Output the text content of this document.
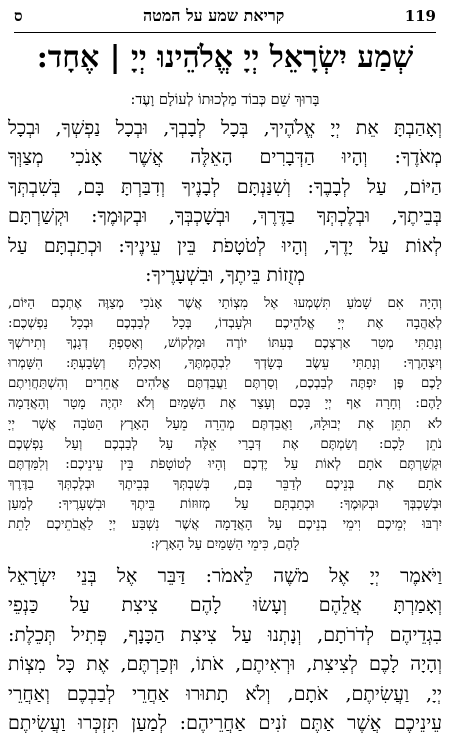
119
קריאת שמע על המטה
ס
שְׁמַע יִשְׂרָאֵל יְיָ אֱלֹהֵינוּ יְיָ | אֶחָד:
בָּרוּךְ שֵׁם כְּבוֹד מַלְכוּתוֹ לְעוֹלָם וָעֶד:
וְאָהַבְתָּ אֵת יְיָ אֱלֹהֶיךָ, בְּכָל לְבָבְךָ, וּבְכָל נַפְשְׁךָ, וּבְכָל
מְאֹדֶךָ: וְהָיוּ הַדְּבָרִים הָאֵלֶּה אֲשֶׁר אָנֹכִי מְצַוְּךָ
הַיּוֹם, עַל לְבָבֶךָ: וְשִׁנַּנְתָּם לְבָנֶיךָ וְדִבַּרְתָּ בָּם, בְּשִׁבְתְּךָ
בְּבֵיתֶךָ, וּבְלֶכְתְּךָ בַדֶּרֶךְ, וּבְשָׁכְבְּךָ, וּבְקוּמֶךָ: וּקְשַׁרְתָּם
לְאוֹת עַל יָדֶךָ, וְהָיוּ לְטֹטָפֹת בֵּין עֵינֶיךָ: וּכְתַבְתָּם עַל
מְזֻזוֹת בֵּיתֶךָ, וּבִשְׁעָרֶיךָ:
וְהָיָה אִם שָׁמֹעַ תִּשְׁמְעוּ אֶל מִצְוֹתַי אֲשֶׁר אָנֹכִי מְצַוֶּה אֶתְכֶם הַיּוֹם,
לְאַהֲבָה אֶת יְיָ אֱלֹהֵיכֶם וּלְעָבְדוֹ, בְּכָל לְבַבְכֶם וּבְכָל נַפְשְׁכֶם:
וְנָתַתִּי מְטַר אַרְצְכֶם בְּעִתּוֹ יוֹרֶה וּמַלְקוֹשׁ, וְאָסַפְתָּ דְגָנֶךָ וְתִירשְׁךָ
וְיִצְהָרֶךָ: וְנָתַתִּי עֵשֶׂב בְּשָׂדְךָ לִבְהֶמְתֶּךָ, וְאָכַלְתָּ וְשָׂבָעְתָּ: הִשָּׁמְרוּ
לָכֶם פֶּן יִפְתֶּה לְבַבְכֶם, וְסַרְתֶּם וַעֲבַדְתֶּם אֱלֹהִים אֲחֵרִים וְהִשְׁתַּחֲוִיתֶם
לָהֶם: וְחָרָה אַף יְיָ בָּכֶם וְעָצַר אֶת הַשָּׁמַיִם וְלֹא יִהְיֶה מָטָר וְהָאֲדָמָה
לֹא תִתֵּן אֶת יְבוּלָהּ, וַאֲבַדְתֶּם מְהֵרָה מֵעַל הָאָרֶץ הַטֹּבָה אֲשֶׁר יְיָ
נֹתֵן לָכֶם: וְשַׂמְתֶּם אֶת דְּבָרַי אֵלֶּה עַל לְבַבְכֶם וְעַל נַפְשְׁכֶם
וּקְשַׁרְתֶּם אֹתָם לְאוֹת עַל יֶדְכֶם וְהָיוּ לְטוֹטָפֹת בֵּין עֵינֵיכֶם: וְלִמַּדְתֶּם
אֹתָם אֶת בְּנֵיכֶם לְדַבֵּר בָּם, בְּשִׁבְתְּךָ בְּבֵיתֶךָ וּבְלֶכְתְּךָ בַדֶּרֶךְ
וּבְשָׁכְבְּךָ וּבְקוּמֶךָ: וּכְתַבְתָּם עַל מְזוּזוֹת בֵּיתֶךָ וּבִשְׁעָרֶיךָ: לְמַעַן
יִרְבּוּ יְמֵיכֶם וִימֵי בְנֵיכֶם עַל הָאֲדָמָה אֲשֶׁר נִשְׁבַּע יְיָ לַאֲבֹתֵיכֶם לָתֵת
לָהֶם, כִּימֵי הַשָּׁמַיִם עַל הָאָרֶץ:
וַיֹּאמֶר יְיָ אֶל מֹשֶׁה לֵּאמֹר: דַּבֵּר אֶל בְּנֵי יִשְׂרָאֵל
וְאָמַרְתָּ אֲלֵהֶם וְעָשׂוּ לָהֶם צִיצִת עַל כַּנְפֵי
בִגְדֵיהֶם לְדֹרֹתָם, וְנָתְנוּ עַל צִיצִת הַכָּנָף, פְּתִיל תְּכֵלֶת:
וְהָיָה לָכֶם לְצִיצִת, וּרְאִיתֶם, אֹתוֹ, וּזְכַרְתֶּם, אֶת כָּל מִצְוֹת
יְיָ, וַעֲשִׂיתֶם, אֹתָם, וְלֹא תָתוּרוּ אַחֲרֵי לְבַבְכֶם וְאַחֲרֵי
עֵינֵיכֶם אֲשֶׁר אַתֶּם זֹנִים אַחֲרֵיהֶם: לְמַעַן תִּזְכְּרוּ וַעֲשִׂיתֶם
